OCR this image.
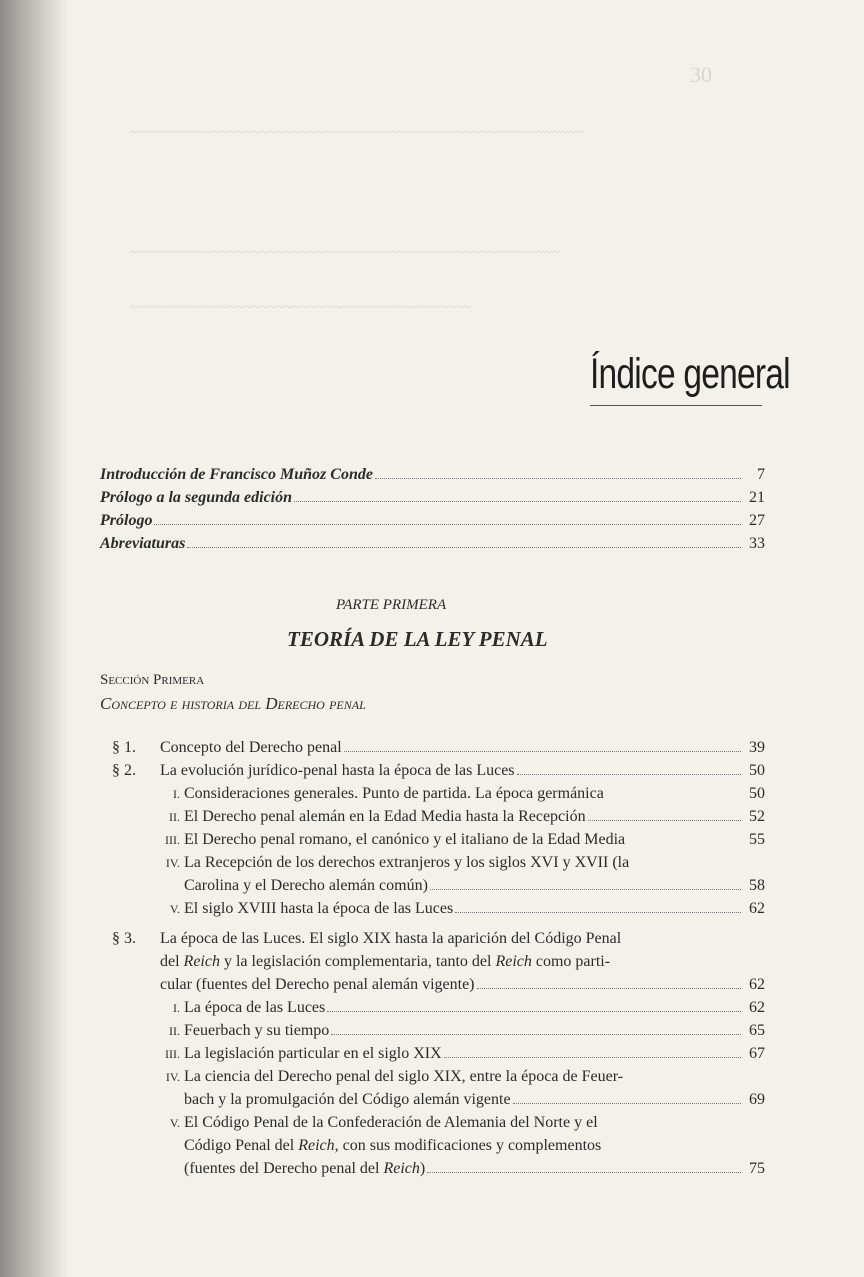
30
~~~~~~~~~~~~~~~~~~~~~~~~~~~~~~~~~~~~~~~~~~~~~~~~~~~~~~~~
~~~~~~~~~~~~~~~~~~~~~~~~~~~~~~~~~~~~~~~~~~~~~~~~~~~~~
~~~~~~~~~~~~~~~~~~~~~~~~~~~~~~~~~~~~~~~~~~
Índice general
Introducción de Francisco Muñoz Conde	7
Prólogo a la segunda edición	21
Prólogo	27
Abreviaturas	33
PARTE PRIMERA
TEORÍA DE LA LEY PENAL
Sección Primera
Concepto e historia del Derecho penal
§ 1.	Concepto del Derecho penal	39
§ 2.	La evolución jurídico-penal hasta la época de las Luces	50
I. Consideraciones generales. Punto de partida. La época germánica	50
II. El Derecho penal alemán en la Edad Media hasta la Recepción	52
III. El Derecho penal romano, el canónico y el italiano de la Edad Media	55
IV. La Recepción de los derechos extranjeros y los siglos XVI y XVII (la
Carolina y el Derecho alemán común)	58
V. El siglo XVIII hasta la época de las Luces	62
§ 3.	La época de las Luces. El siglo XIX hasta la aparición del Código Penal
del Reich y la legislación complementaria, tanto del Reich como parti-
cular (fuentes del Derecho penal alemán vigente)	62
I. La época de las Luces	62
II. Feuerbach y su tiempo	65
III. La legislación particular en el siglo XIX	67
IV. La ciencia del Derecho penal del siglo XIX, entre la época de Feuer-
bach y la promulgación del Código alemán vigente	69
V. El Código Penal de la Confederación de Alemania del Norte y el
Código Penal del Reich, con sus modificaciones y complementos
(fuentes del Derecho penal del Reich)	75
